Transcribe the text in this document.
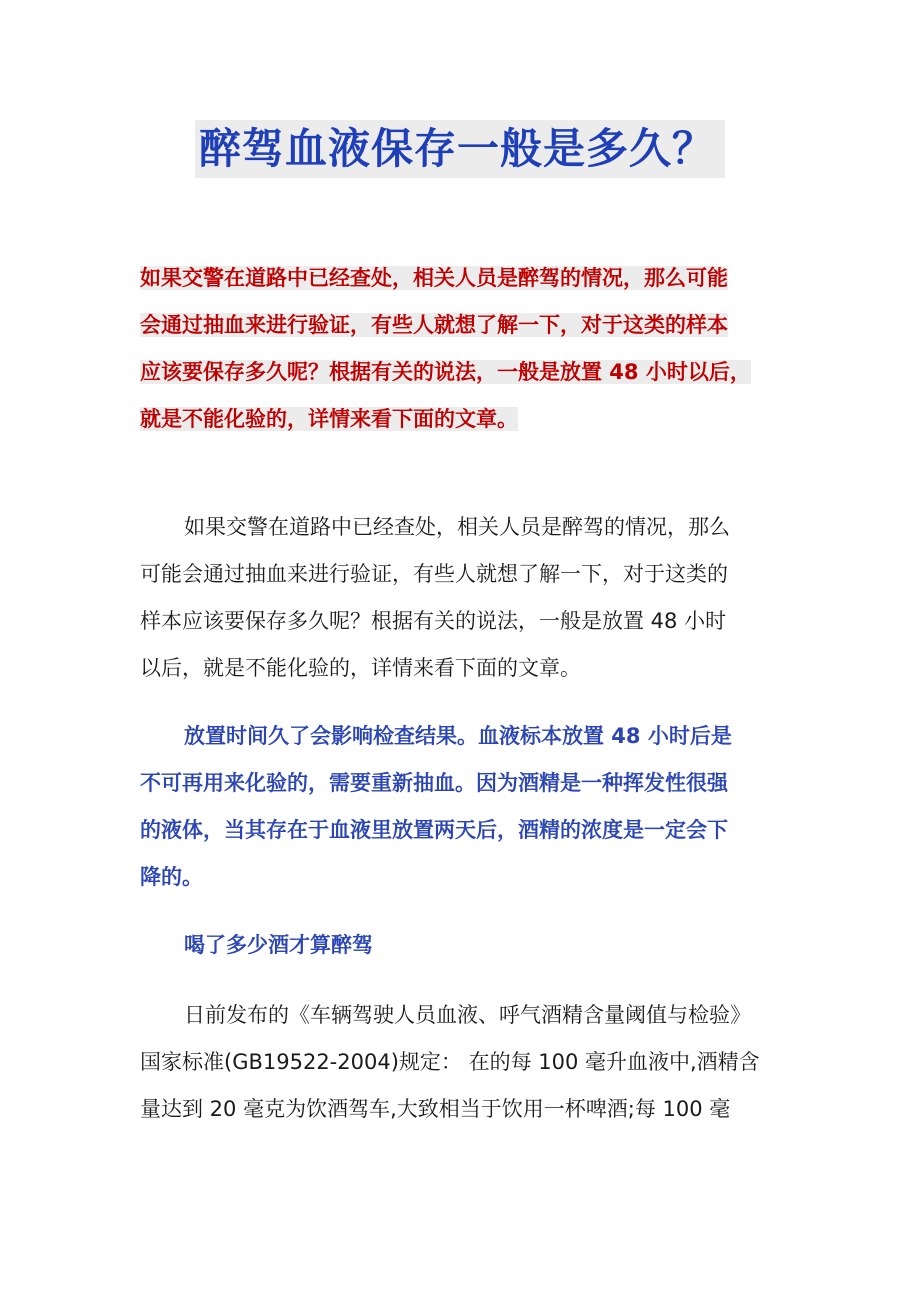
醉驾血液保存一般是多久？
如果交警在道路中已经查处，相关人员是醉驾的情况，那么可能
会通过抽血来进行验证，有些人就想了解一下，对于这类的样本
应该要保存多久呢？根据有关的说法，一般是放置 48 小时以后，
就是不能化验的，详情来看下面的文章。
如果交警在道路中已经查处，相关人员是醉驾的情况，那么
可能会通过抽血来进行验证，有些人就想了解一下，对于这类的
样本应该要保存多久呢？根据有关的说法，一般是放置 48 小时
以后，就是不能化验的，详情来看下面的文章。
放置时间久了会影响检查结果。血液标本放置 48 小时后是
不可再用来化验的，需要重新抽血。因为酒精是一种挥发性很强
的液体，当其存在于血液里放置两天后，酒精的浓度是一定会下
降的。
喝了多少酒才算醉驾
日前发布的《车辆驾驶人员血液、呼气酒精含量阈值与检验》
国家标准(GB19522-2004)规定： 在的每 100 毫升血液中,酒精含
量达到 20 毫克为饮酒驾车,大致相当于饮用一杯啤酒;每 100 毫
